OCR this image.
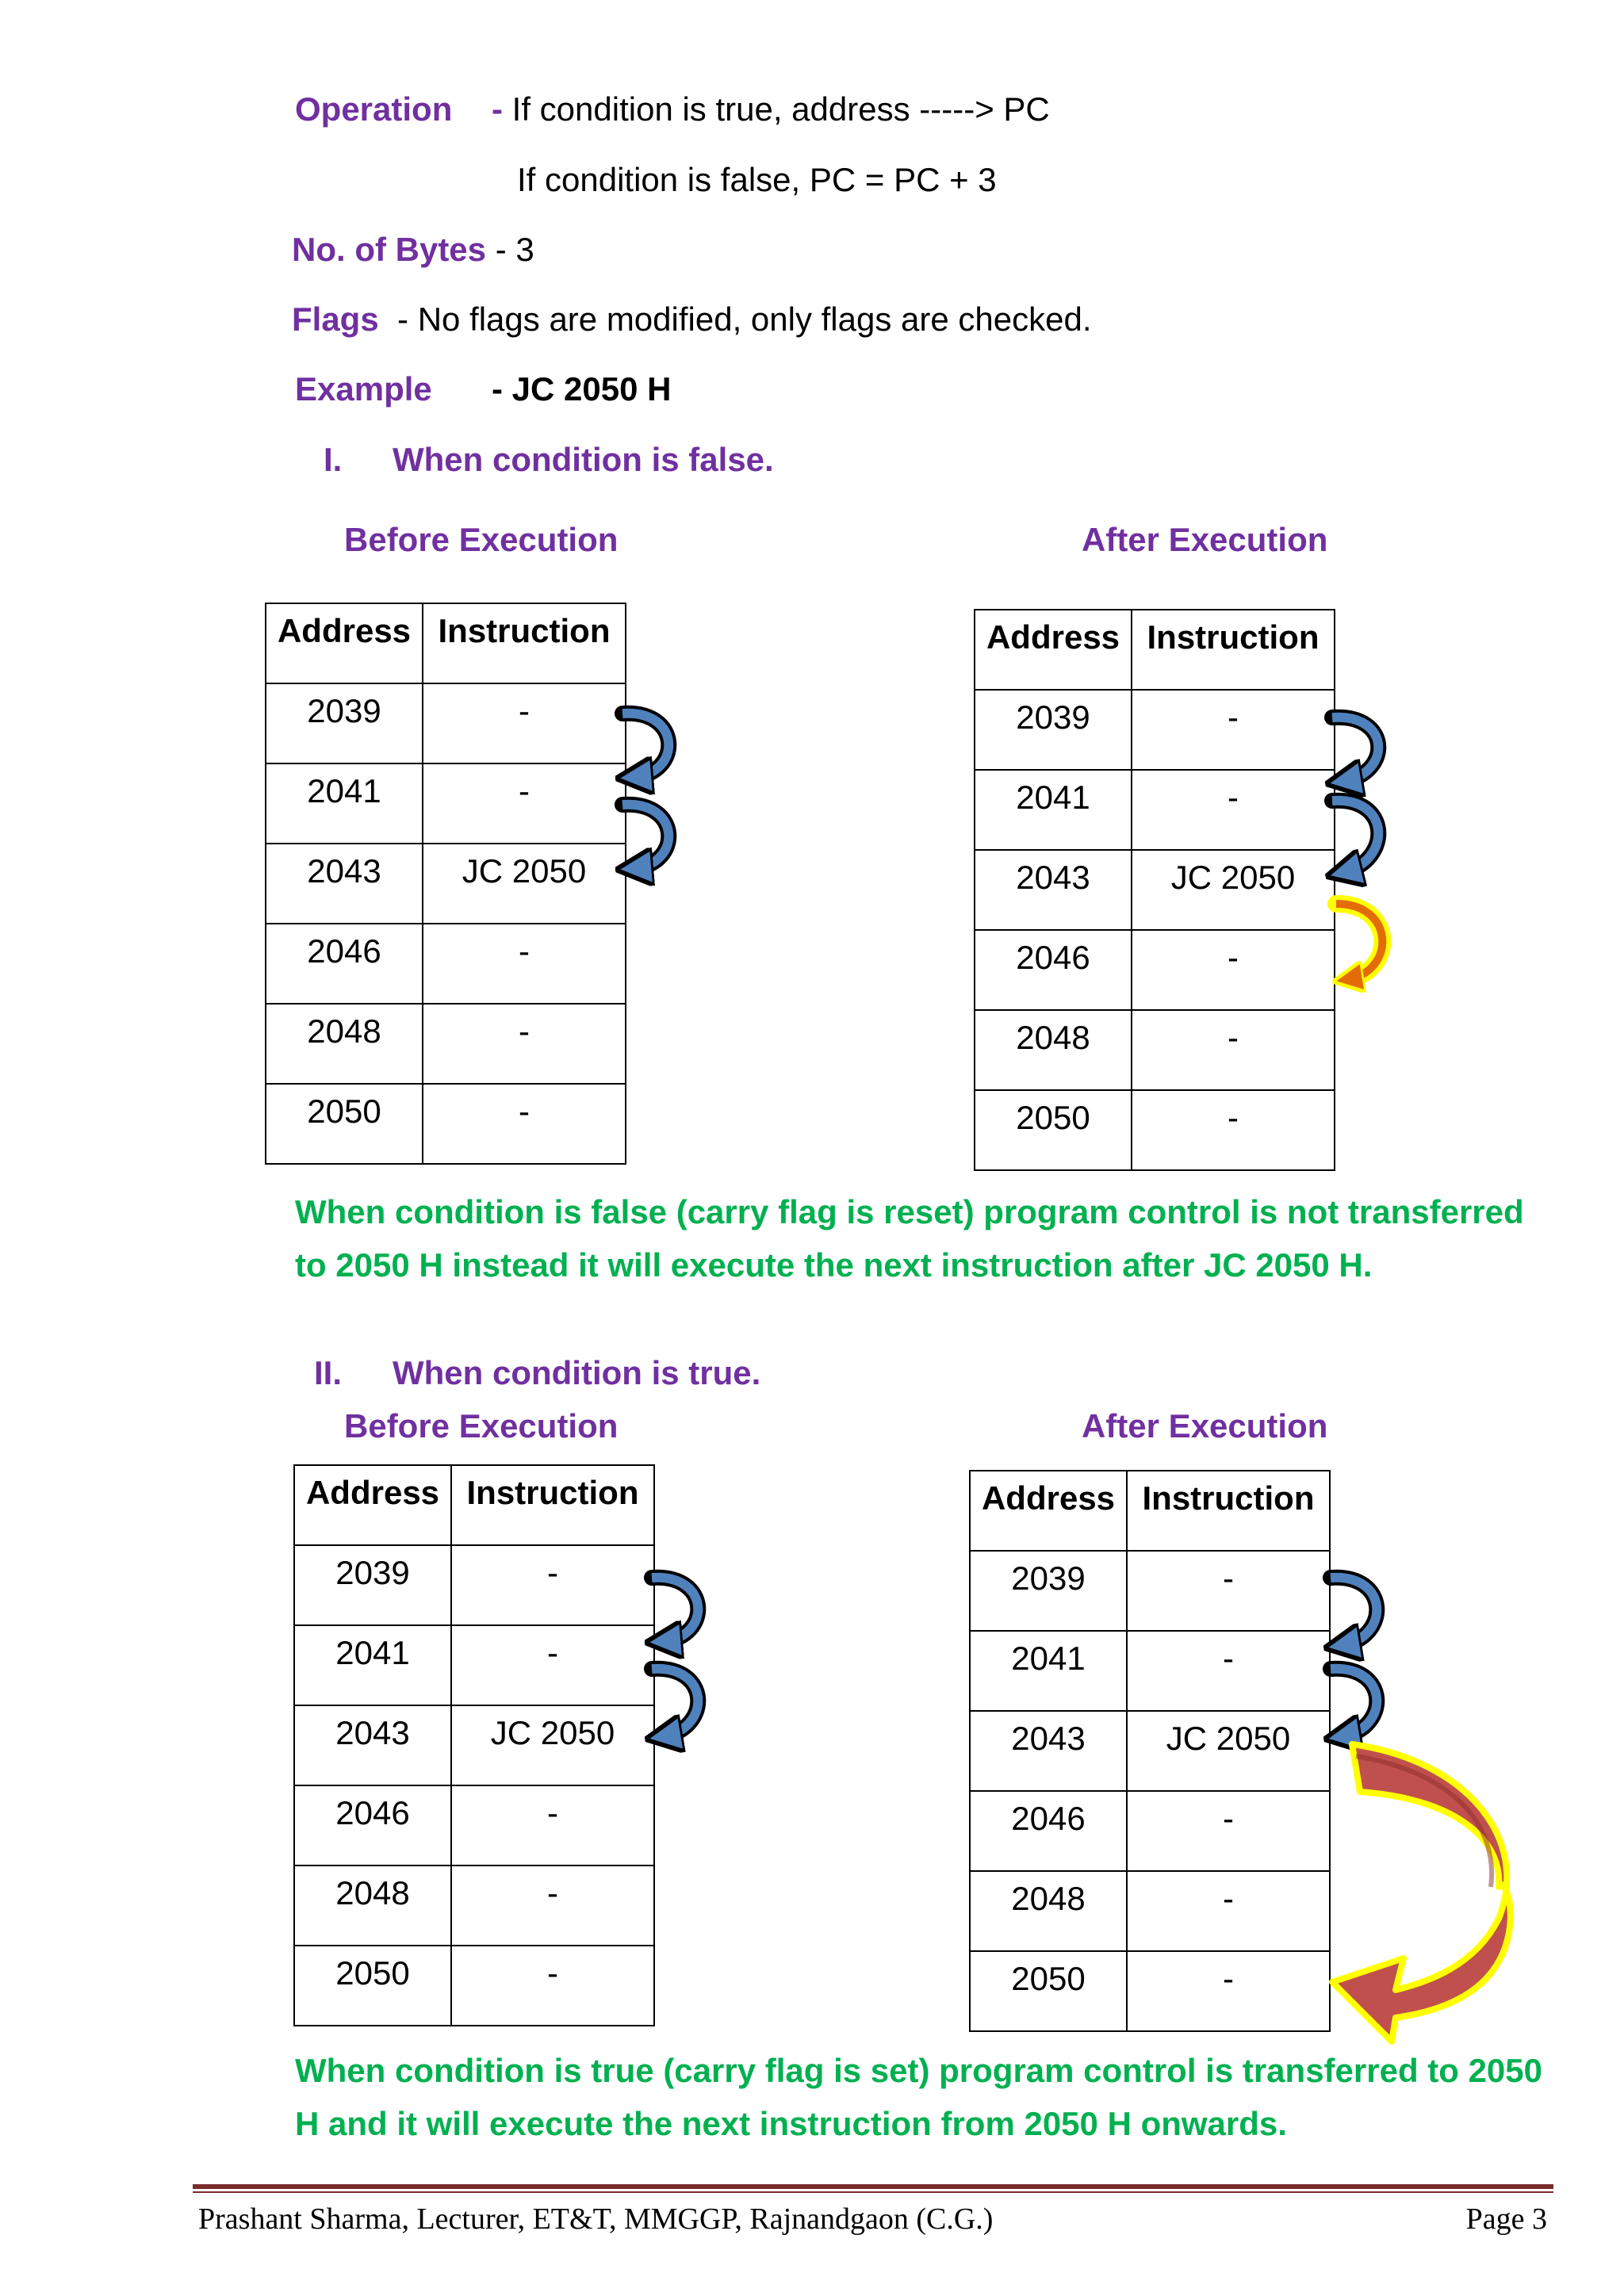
Operation - If condition is true, address -----> PC
If condition is false, PC = PC + 3
No. of Bytes - 3
Flags - No flags are modified, only flags are checked.
Example - JC 2050 H
I. When condition is false.
Before Execution	After Execution
Address	Instruction
2039	-
2041	-
2043	JC 2050
2046	-
2048	-
2050	-
Address	Instruction
2039	-
2041	-
2043	JC 2050
2046	-
2048	-
2050	-
When condition is false (carry flag is reset) program control is not transferred
to 2050 H instead it will execute the next instruction after JC 2050 H.
II. When condition is true.
Before Execution	After Execution
Address	Instruction
2039	-
2041	-
2043	JC 2050
2046	-
2048	-
2050	-
Address	Instruction
2039	-
2041	-
2043	JC 2050
2046	-
2048	-
2050	-
When condition is true (carry flag is set) program control is transferred to 2050
H and it will execute the next instruction from 2050 H onwards.
Prashant Sharma, Lecturer, ET&T, MMGGP, Rajnandgaon (C.G.)	Page 3
